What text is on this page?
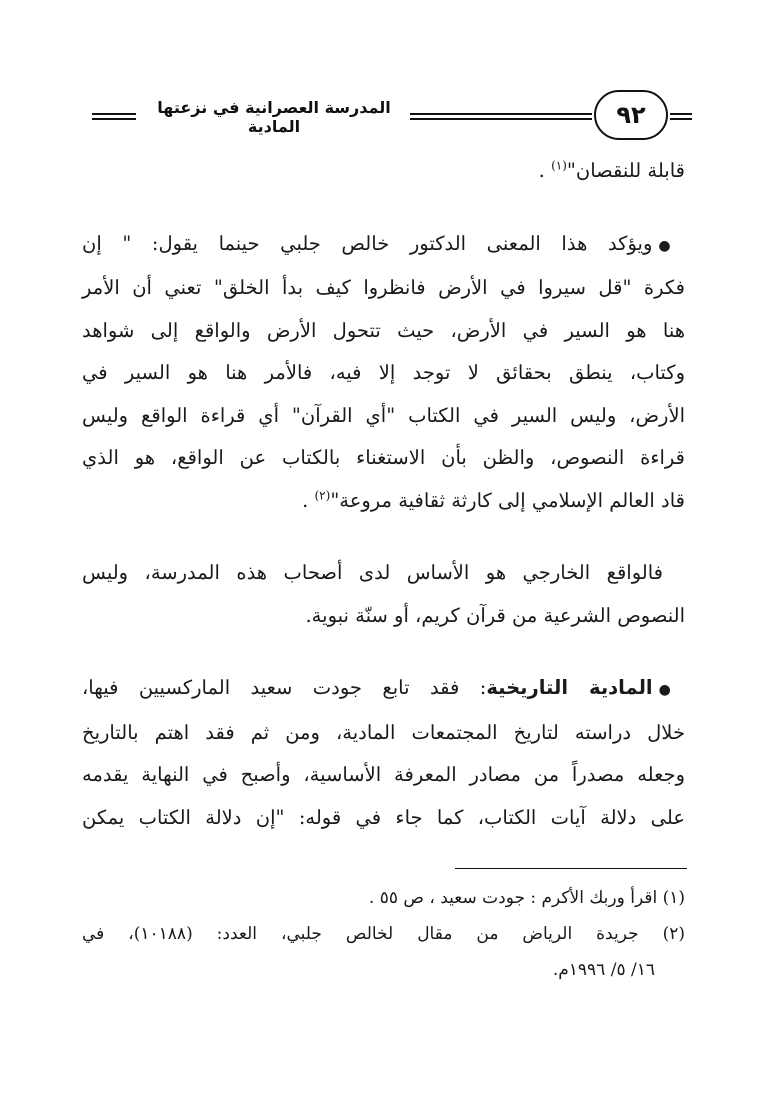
المدرسة العصرانية في نزعتها المادية	٩٢

قابلة للنقصان"$^{(١)}$ .

●ويؤكد هذا المعنى الدكتور خالص جلبي حينما يقول: " إن
فكرة "قل سيروا في الأرض فانظروا كيف بدأ الخلق" تعني أن الأمر
هنا هو السير في الأرض، حيث تتحول الأرض والواقع إلى شواهد
وكتاب، ينطق بحقائق لا توجد إلا فيه، فالأمر هنا هو السير في
الأرض، وليس السير في الكتاب "أي القرآن" أي قراءة الواقع وليس
قراءة النصوص، والظن بأن الاستغناء بالكتاب عن الواقع، هو الذي
قاد العالم الإسلامي إلى كارثة ثقافية مروعة"$^{(٢)}$ .

فالواقع الخارجي هو الأساس لدى أصحاب هذه المدرسة، وليس
النصوص الشرعية من قرآن كريم، أو سنّة نبوية.

●المادية التاريخية: فقد تابع جودت سعيد الماركسيين فيها،
خلال دراسته لتاريخ المجتمعات المادية، ومن ثم فقد اهتم بالتاريخ
وجعله مصدراً من مصادر المعرفة الأساسية، وأصبح في النهاية يقدمه
على دلالة آيات الكتاب، كما جاء في قوله: "إن دلالة الكتاب يمكن

(١) اقرأ وربك الأكرم : جودت سعيد ، ص ٥٥ .
(٢) جريدة الرياض من مقال لخالص جلبي، العدد: (١٠١٨٨)، في
١٦/ ٥/ ١٩٩٦م.
